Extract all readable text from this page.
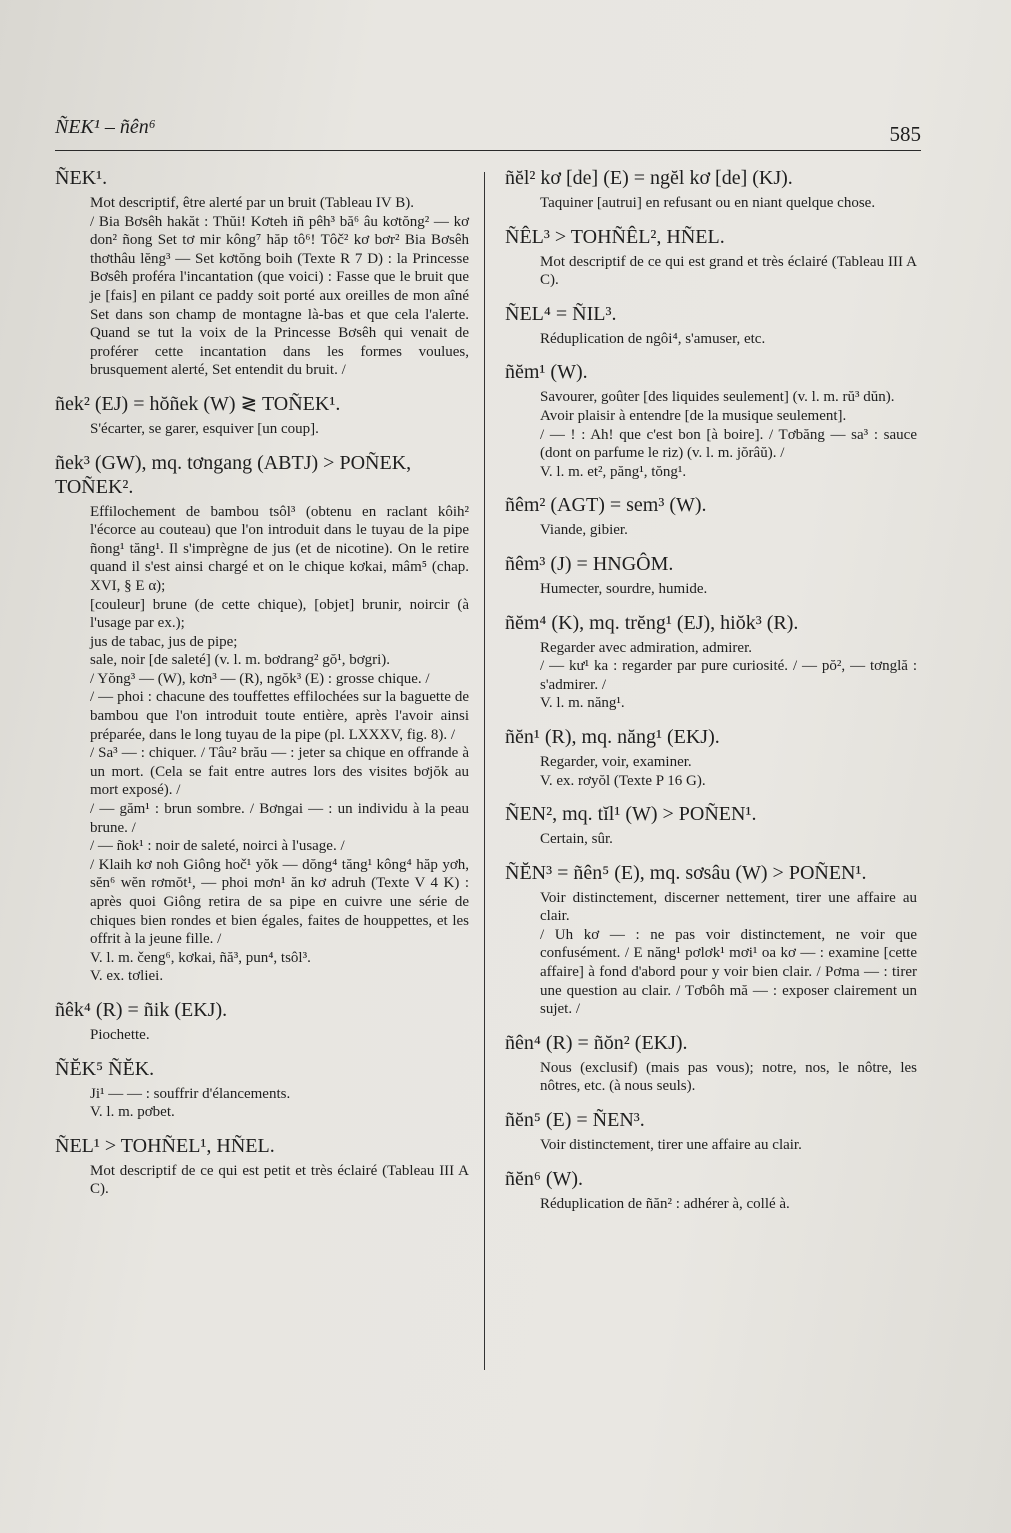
ÑEK¹ – ñên⁶	585
ÑEK¹.
Mot descriptif, être alerté par un bruit (Tableau IV B).
/ Bia Bơsêh hakăt : Thŭi! Kơteh iñ pêh³ bă⁶ âu kơtŏng² — kơ don² ñong Set tơ mir kông⁷ hăp tô⁶! Tôč² kơ bơr² Bia Bơsêh thơthâu lĕng³ — Set kơtŏng boih (Texte R 7 D) : la Princesse Bơsêh proféra l'incantation (que voici) : Fasse que le bruit que je [fais] en pilant ce paddy soit porté aux oreilles de mon aîné Set dans son champ de montagne là-bas et que cela l'alerte. Quand se tut la voix de la Princesse Bơsêh qui venait de proférer cette incantation dans les formes voulues, brusquement alerté, Set entendit du bruit. /
ñek² (EJ) = hŏñek (W) ≷ TOÑEK¹.
S'écarter, se garer, esquiver [un coup].
ñek³ (GW), mq. tơngang (ABTJ) > POÑEK, TOÑEK².
Effilochement de bambou tsôl³ (obtenu en raclant kôih² l'écorce au couteau) que l'on introduit dans le tuyau de la pipe ñong¹ tăng¹. Il s'imprègne de jus (et de nicotine). On le retire quand il s'est ainsi chargé et on le chique kơkai, mâm⁵ (chap. XVI, § E α);
[couleur] brune (de cette chique), [objet] brunir, noircir (à l'usage par ex.);
jus de tabac, jus de pipe;
sale, noir [de saleté] (v. l. m. bơdrang² gŏ¹, bơgri).
/ Yŏng³ — (W), kơn³ — (R), ngŏk³ (E) : grosse chique. /
/ — phoi : chacune des touffettes effilochées sur la baguette de bambou que l'on introduit toute entière, après l'avoir ainsi préparée, dans le long tuyau de la pipe (pl. LXXXV, fig. 8). /
/ Sa³ — : chiquer. / Tâu² brău — : jeter sa chique en offrande à un mort. (Cela se fait entre autres lors des visites bơjŏk au mort exposé). /
/ — găm¹ : brun sombre. / Bơngai — : un individu à la peau brune. /
/ — ñok¹ : noir de saleté, noirci à l'usage. /
/ Klaih kơ noh Giông hoč¹ yŏk — dŏng⁴ tăng¹ kông⁴ hăp yơh, sĕn⁶ wĕn rơmŏt¹, — phoi mơn¹ ăn kơ adruh (Texte V 4 K) : après quoi Giông retira de sa pipe en cuivre une série de chiques bien rondes et bien égales, faites de houppettes, et les offrit à la jeune fille. /
V. l. m. čeng⁶, kơkai, ñă³, pun⁴, tsôl³.
V. ex. tơliei.
ñêk⁴ (R) = ñik (EKJ).
Piochette.
ÑĔK⁵ ÑĔK.
Ji¹ — — : souffrir d'élancements.
V. l. m. pơbet.
ÑEL¹ > TOHÑEL¹, HÑEL.
Mot descriptif de ce qui est petit et très éclairé (Tableau III A C).
ñĕl² kơ [de] (E) = ngĕl kơ [de] (KJ).
Taquiner [autrui] en refusant ou en niant quelque chose.
ÑÊL³ > TOHÑÊL², HÑEL.
Mot descriptif de ce qui est grand et très éclairé (Tableau III A C).
ÑEL⁴ = ÑIL³.
Réduplication de ngôi⁴, s'amuser, etc.
ñĕm¹ (W).
Savourer, goûter [des liquides seulement] (v. l. m. rŭ³ dŭn).
Avoir plaisir à entendre [de la musique seulement].
/ — ! : Ah! que c'est bon [à boire]. / Tơbăng — sa³ : sauce (dont on parfume le riz) (v. l. m. jŏrâŭ). /
V. l. m. et², păng¹, tŏng¹.
ñêm² (AGT) = sem³ (W).
Viande, gibier.
ñêm³ (J) = HNGÔM.
Humecter, sourdre, humide.
ñĕm⁴ (K), mq. trĕng¹ (EJ), hiŏk³ (R).
Regarder avec admiration, admirer.
/ — kư¹ ka : regarder par pure curiosité. / — pŏ², — tơnglă : s'admirer. /
V. l. m. năng¹.
ñĕn¹ (R), mq. năng¹ (EKJ).
Regarder, voir, examiner.
V. ex. rơyŏl (Texte P 16 G).
ÑEN², mq. tĭl¹ (W) > POÑEN¹.
Certain, sûr.
ÑĔN³ = ñên⁵ (E), mq. sơsâu (W) > POÑEN¹.
Voir distinctement, discerner nettement, tirer une affaire au clair.
/ Uh kơ — : ne pas voir distinctement, ne voir que confusément. / E năng¹ pơlơk¹ mơi¹ oa kơ — : examine [cette affaire] à fond d'abord pour y voir bien clair. / Pơma — : tirer une question au clair. / Tơbôh mă — : exposer clairement un sujet. /
ñên⁴ (R) = ñŏn² (EKJ).
Nous (exclusif) (mais pas vous); notre, nos, le nôtre, les nôtres, etc. (à nous seuls).
ñĕn⁵ (E) = ÑEN³.
Voir distinctement, tirer une affaire au clair.
ñĕn⁶ (W).
Réduplication de ñăn² : adhérer à, collé à.
